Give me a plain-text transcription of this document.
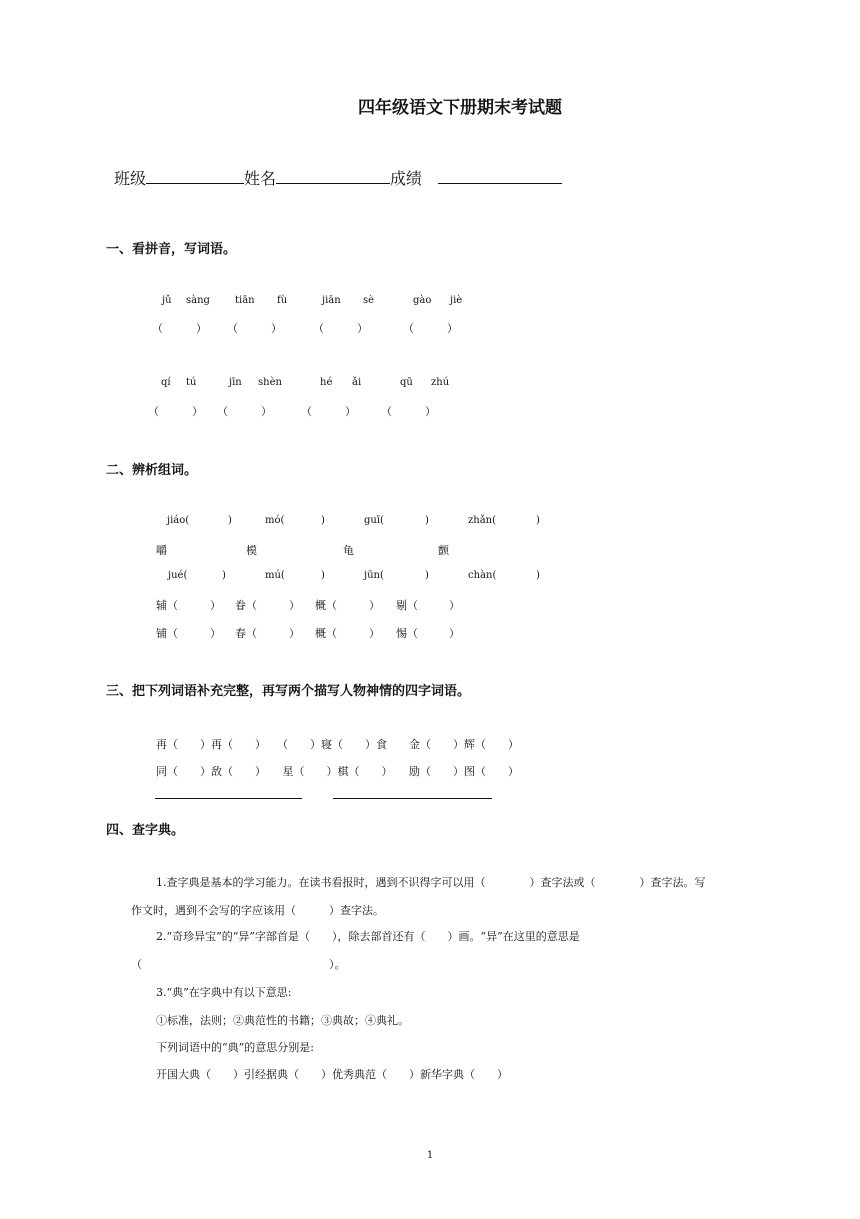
四年级语文下册期末考试题
班级	姓名	成绩
一、看拼音，写词语。
jǔ sàng	tiān fù	jiān sè	gào jiè
（　　　） （　　　）	（　　　）	（　　　）
qí tú	jīn shèn	hé ǎi	qū zhú
（　　　） （　　　）	（　　　） （　　　）
二、辨析组词。
jiáo(	)	mó(	)	guī(	)	zhǎn(	)
嚼	模	龟	颤
jué(	)	mú(	)	jūn(	)	chàn(	)
辅（	） 眷（	） 概（	） 剔（	）
铺（	） 春（	） 概（	） 惕（	）
三、把下列词语补充完整，再写两个描写人物神情的四字词语。
再（　　）再（　　）　　（　　）寝（　　）食　　金（　　）辉（　　）
同（　　）敌（　　）　　星（　　）棋（　　）　　励（　　）图（　　）
四、查字典。
1.查字典是基本的学习能力。在读书看报时，遇到不识得字可以用（　　　　）查字法或（　　　　）查字法。写
作文时，遇到不会写的字应该用（　　　）查字法。
2.“奇珍异宝”的“异”字部首是（　　），除去部首还有（　　）画。“异”在这里的意思是
（　　　　　　　　　　　　　　　　　）。
3.“典”在字典中有以下意思:
①标准，法则；②典范性的书籍；③典故；④典礼。
下列词语中的“典”的意思分别是:
开国大典（　　）引经据典（　　）优秀典范（　　）新华字典（　　）
1
